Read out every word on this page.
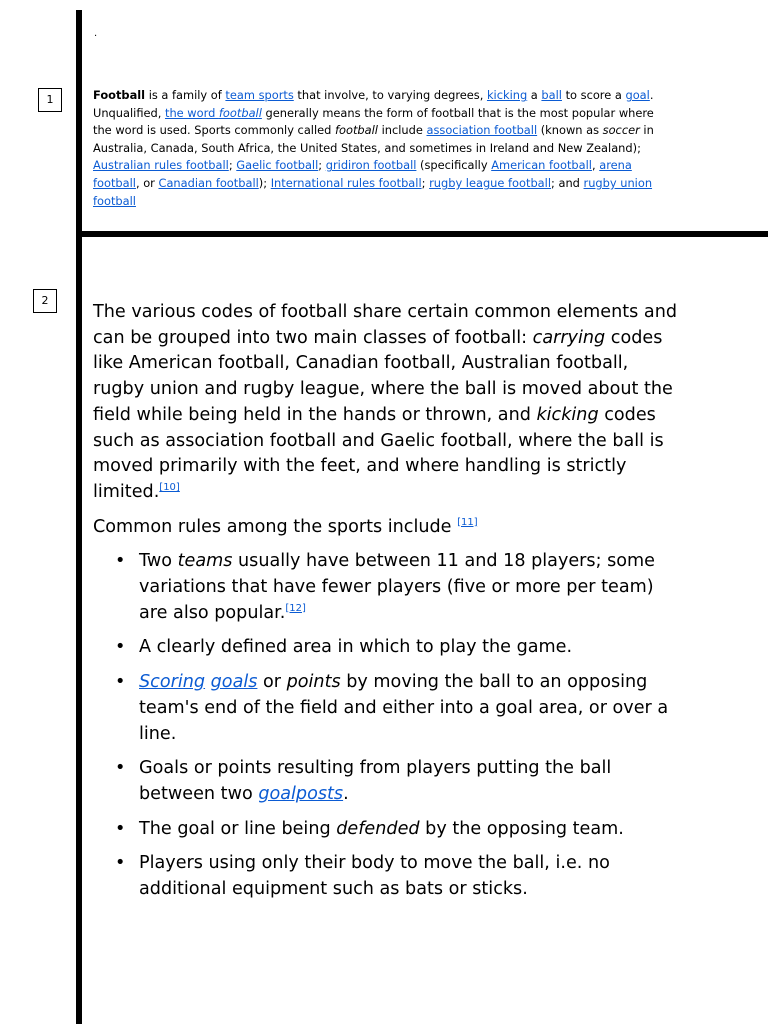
1
2
.
Football is a family of team sports that involve, to varying degrees, kicking a ball to score a goal. Unqualified, the word football generally means the form of football that is the most popular where the word is used. Sports commonly called football include association football (known as soccer in Australia, Canada, South Africa, the United States, and sometimes in Ireland and New Zealand); Australian rules football; Gaelic football; gridiron football (specifically American football, arena football, or Canadian football); International rules football; rugby league football; and rugby union football

The various codes of football share certain common elements and can be grouped into two main classes of football: carrying codes like American football, Canadian football, Australian football, rugby union and rugby league, where the ball is moved about the field while being held in the hands or thrown, and kicking codes such as association football and Gaelic football, where the ball is moved primarily with the feet, and where handling is strictly limited.[10]

Common rules among the sports include [11]

• Two teams usually have between 11 and 18 players; some variations that have fewer players (five or more per team) are also popular.[12]
• A clearly defined area in which to play the game.
• Scoring goals or points by moving the ball to an opposing team's end of the field and either into a goal area, or over a line.
• Goals or points resulting from players putting the ball between two goalposts.
• The goal or line being defended by the opposing team.
• Players using only their body to move the ball, i.e. no additional equipment such as bats or sticks.
